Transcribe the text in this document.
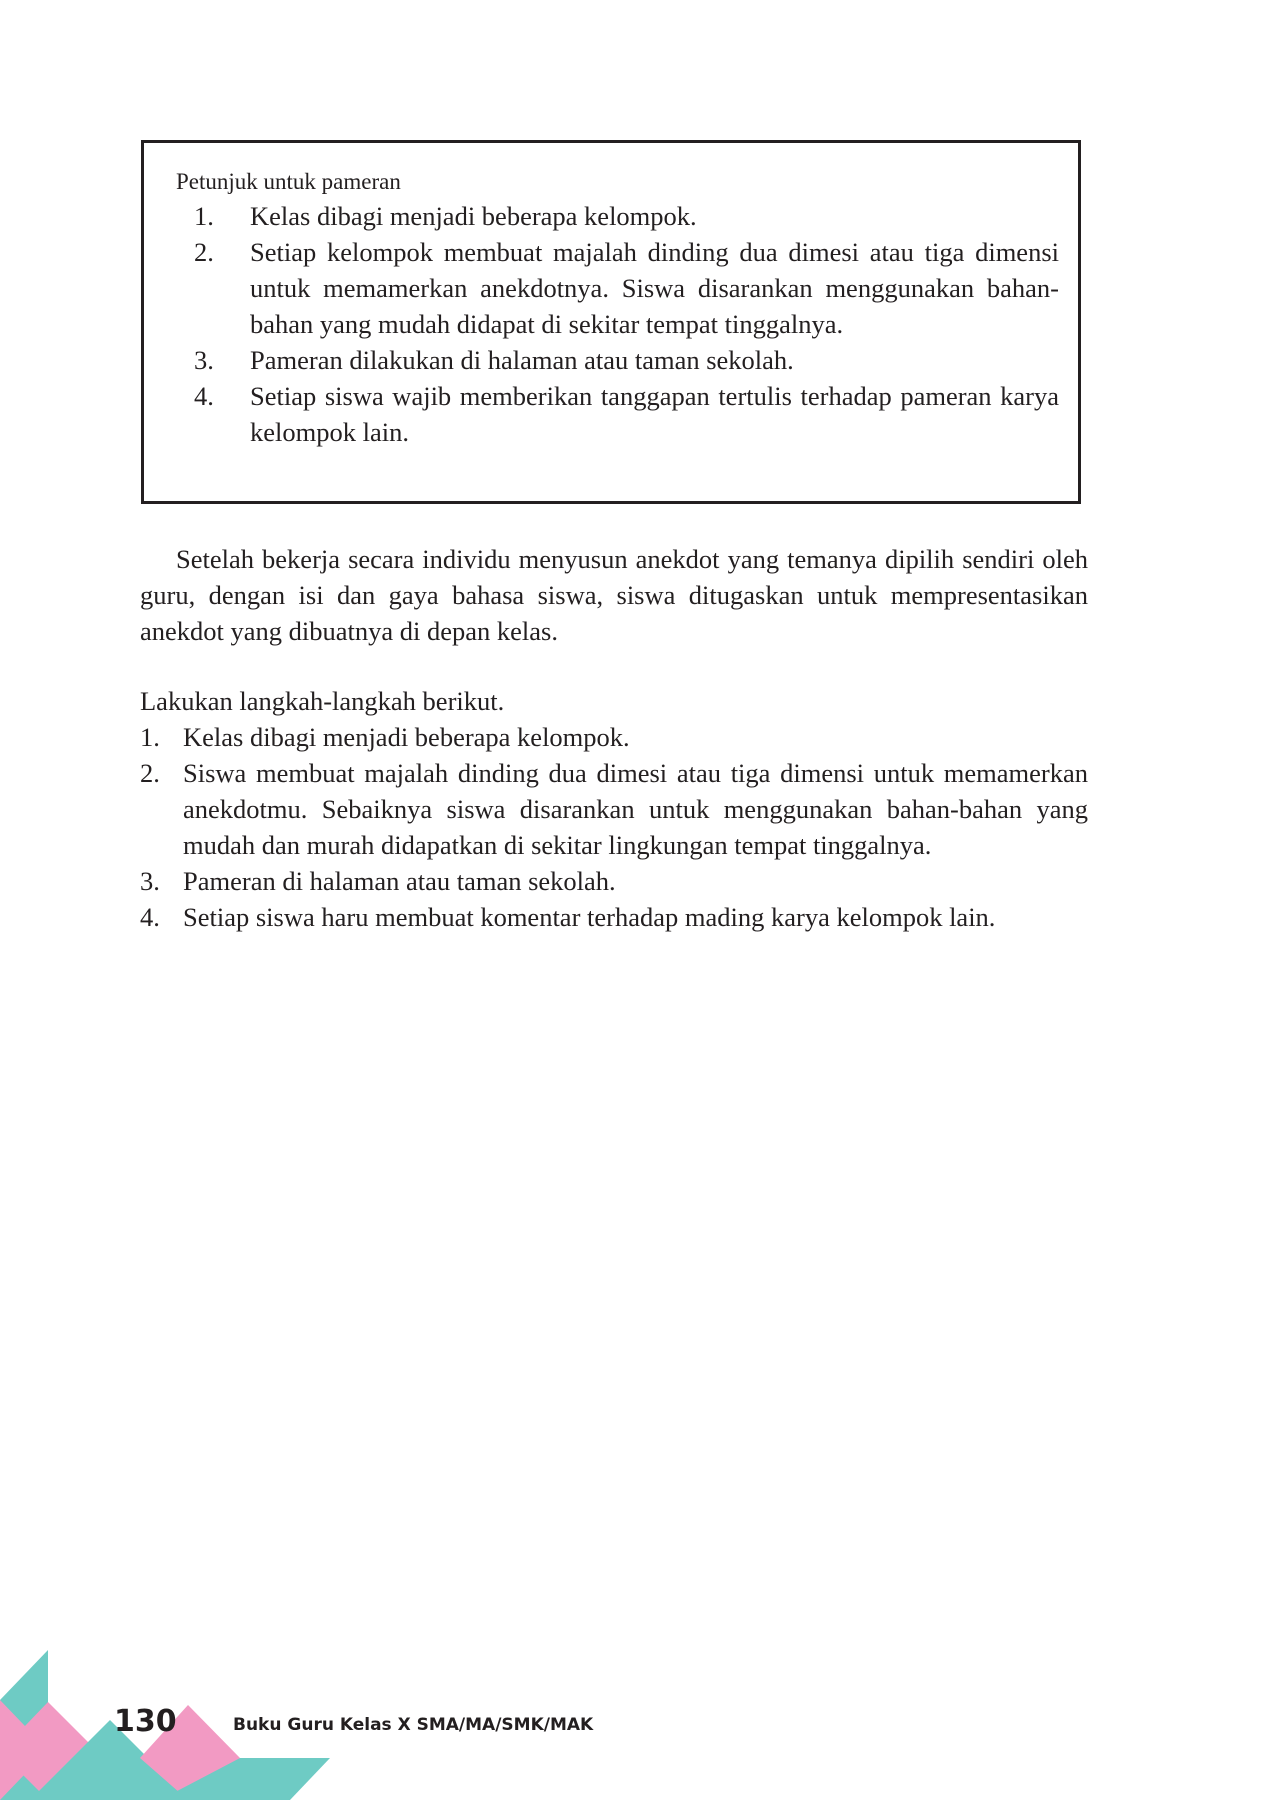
Petunjuk untuk pameran
1.	Kelas dibagi menjadi beberapa kelompok.
2.	Setiap kelompok membuat majalah dinding dua dimesi atau tiga dimensi untuk memamerkan anekdotnya. Siswa disarankan menggunakan bahan-bahan yang mudah didapat di sekitar tempat tinggalnya.
3.	Pameran dilakukan di halaman atau taman sekolah.
4.	Setiap siswa wajib memberikan tanggapan tertulis terhadap pameran karya kelompok lain.

Setelah bekerja secara individu menyusun anekdot yang temanya dipilih sendiri oleh guru, dengan isi dan gaya bahasa siswa, siswa ditugaskan untuk mempresentasikan anekdot yang dibuatnya di depan kelas.

Lakukan langkah-langkah berikut.

1. Kelas dibagi menjadi beberapa kelompok.
2. Siswa membuat majalah dinding dua dimesi atau tiga dimensi untuk memamerkan anekdotmu. Sebaiknya siswa disarankan untuk menggunakan bahan-bahan yang mudah dan murah didapatkan di sekitar lingkungan tempat tinggalnya.
3. Pameran di halaman atau taman sekolah.
4. Setiap siswa haru membuat komentar terhadap mading karya kelompok lain.
130	Buku Guru Kelas X SMA/MA/SMK/MAK
